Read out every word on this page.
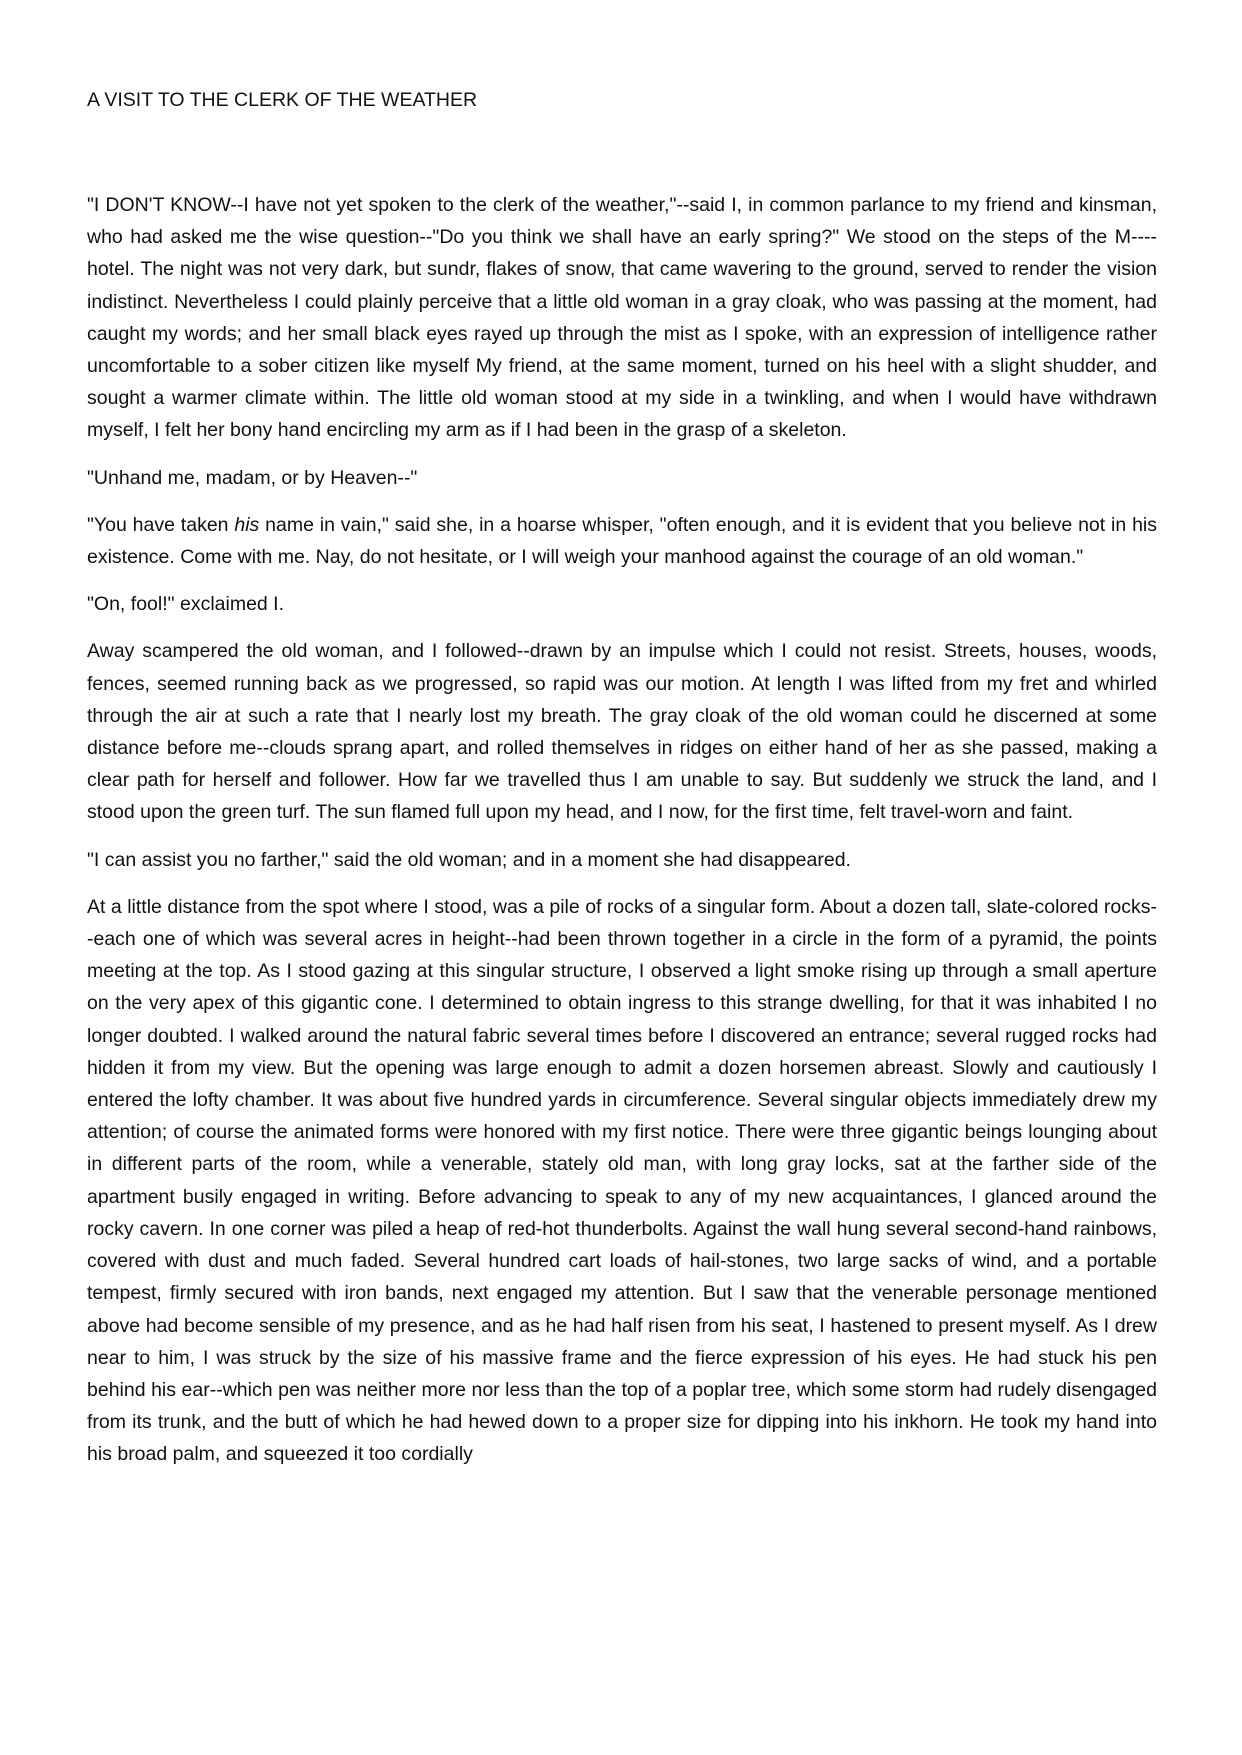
A VISIT TO THE CLERK OF THE WEATHER

"I DON'T KNOW--I have not yet spoken to the clerk of the weather,"--said I, in common parlance to my friend and kinsman, who had asked me the wise question--"Do you think we shall have an early spring?" We stood on the steps of the M---- hotel. The night was not very dark, but sundr, flakes of snow, that came wavering to the ground, served to render the vision indistinct. Nevertheless I could plainly perceive that a little old woman in a gray cloak, who was passing at the moment, had caught my words; and her small black eyes rayed up through the mist as I spoke, with an expression of intelligence rather uncomfortable to a sober citizen like myself My friend, at the same moment, turned on his heel with a slight shudder, and sought a warmer climate within. The little old woman stood at my side in a twinkling, and when I would have withdrawn myself, I felt her bony hand encircling my arm as if I had been in the grasp of a skeleton.

"Unhand me, madam, or by Heaven--"

"You have taken his name in vain," said she, in a hoarse whisper, "often enough, and it is evident that you believe not in his existence. Come with me. Nay, do not hesitate, or I will weigh your manhood against the courage of an old woman."

"On, fool!" exclaimed I.

Away scampered the old woman, and I followed--drawn by an impulse which I could not resist. Streets, houses, woods, fences, seemed running back as we progressed, so rapid was our motion. At length I was lifted from my fret and whirled through the air at such a rate that I nearly lost my breath. The gray cloak of the old woman could he discerned at some distance before me--clouds sprang apart, and rolled themselves in ridges on either hand of her as she passed, making a clear path for herself and follower. How far we travelled thus I am unable to say. But suddenly we struck the land, and I stood upon the green turf. The sun flamed full upon my head, and I now, for the first time, felt travel-worn and faint.

"I can assist you no farther," said the old woman; and in a moment she had disappeared.

At a little distance from the spot where I stood, was a pile of rocks of a singular form. About a dozen tall, slate-colored rocks--each one of which was several acres in height--had been thrown together in a circle in the form of a pyramid, the points meeting at the top. As I stood gazing at this singular structure, I observed a light smoke rising up through a small aperture on the very apex of this gigantic cone. I determined to obtain ingress to this strange dwelling, for that it was inhabited I no longer doubted. I walked around the natural fabric several times before I discovered an entrance; several rugged rocks had hidden it from my view. But the opening was large enough to admit a dozen horsemen abreast. Slowly and cautiously I entered the lofty chamber. It was about five hundred yards in circumference. Several singular objects immediately drew my attention; of course the animated forms were honored with my first notice. There were three gigantic beings lounging about in different parts of the room, while a venerable, stately old man, with long gray locks, sat at the farther side of the apartment busily engaged in writing. Before advancing to speak to any of my new acquaintances, I glanced around the rocky cavern. In one corner was piled a heap of red-hot thunderbolts. Against the wall hung several second-hand rainbows, covered with dust and much faded. Several hundred cart loads of hail-stones, two large sacks of wind, and a portable tempest, firmly secured with iron bands, next engaged my attention. But I saw that the venerable personage mentioned above had become sensible of my presence, and as he had half risen from his seat, I hastened to present myself. As I drew near to him, I was struck by the size of his massive frame and the fierce expression of his eyes. He had stuck his pen behind his ear--which pen was neither more nor less than the top of a poplar tree, which some storm had rudely disengaged from its trunk, and the butt of which he had hewed down to a proper size for dipping into his inkhorn. He took my hand into his broad palm, and squeezed it too cordially
